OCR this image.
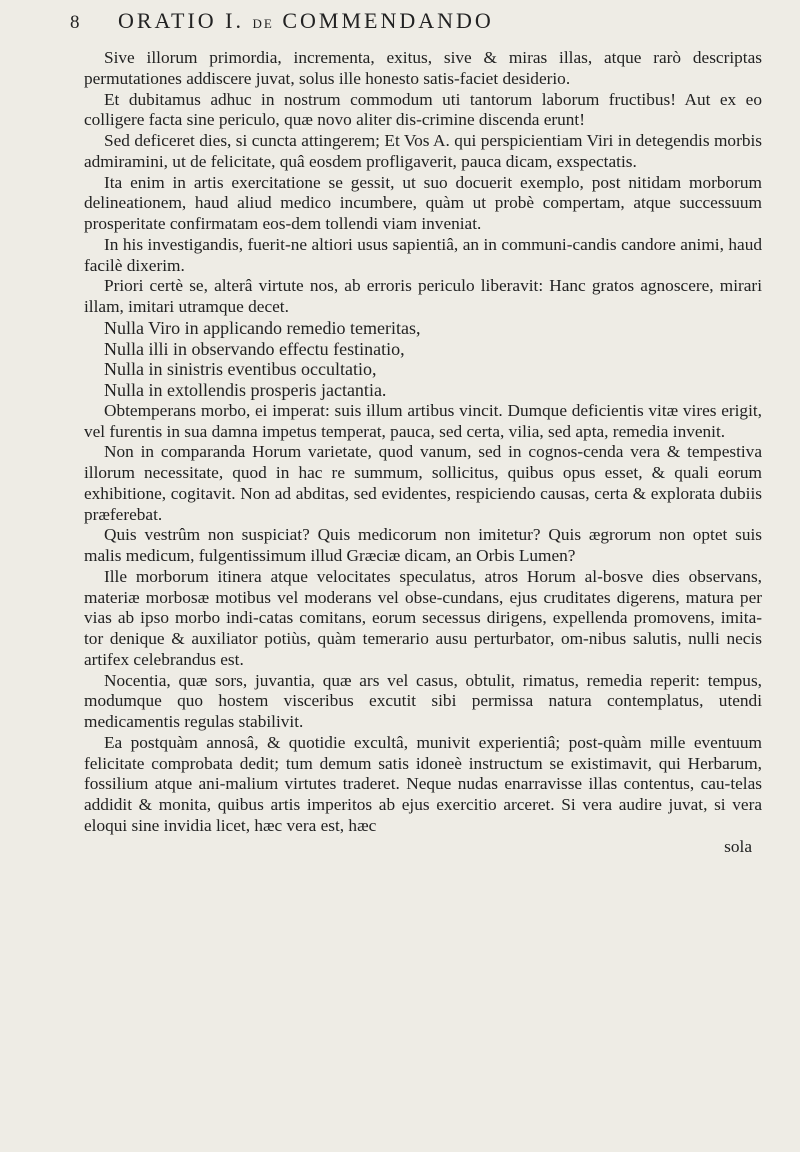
8	ORATIO I. DE COMMENDANDO

Sive illorum primordia, incrementa, exitus, sive & miras illas, atque rarò descriptas permutationes addiscere juvat, solus ille honesto satis-faciet desiderio.

Et dubitamus adhuc in nostrum commodum uti tantorum laborum fructibus! Aut ex eo colligere facta sine periculo, quæ novo aliter dis-crimine discenda erunt!

Sed deficeret dies, si cuncta attingerem; Et Vos A. qui perspicientiam Viri in detegendis morbis admiramini, ut de felicitate, quâ eosdem profligaverit, pauca dicam, exspectatis.

Ita enim in artis exercitatione se gessit, ut suo docuerit exemplo, post nitidam morborum delineationem, haud aliud medico incumbere, quàm ut probè compertam, atque successuum prosperitate confirmatam eos-dem tollendi viam inveniat.

In his investigandis, fuerit-ne altiori usus sapientiâ, an in communi-candis candore animi, haud facilè dixerim.

Priori certè se, alterâ virtute nos, ab erroris periculo liberavit: Hanc gratos agnoscere, mirari illam, imitari utramque decet.

Nulla Viro in applicando remedio temeritas,

Nulla illi in observando effectu festinatio,

Nulla in sinistris eventibus occultatio,

Nulla in extollendis prosperis jactantia.

Obtemperans morbo, ei imperat: suis illum artibus vincit. Dumque deficientis vitæ vires erigit, vel furentis in sua damna impetus temperat, pauca, sed certa, vilia, sed apta, remedia invenit.

Non in comparanda Horum varietate, quod vanum, sed in cognos-cenda vera & tempestiva illorum necessitate, quod in hac re summum, sollicitus, quibus opus esset, & quali eorum exhibitione, cogitavit. Non ad abditas, sed evidentes, respiciendo causas, certa & explorata dubiis præferebat.

Quis vestrûm non suspiciat? Quis medicorum non imitetur? Quis ægrorum non optet suis malis medicum, fulgentissimum illud Græciæ dicam, an Orbis Lumen?

Ille morborum itinera atque velocitates speculatus, atros Horum al-bosve dies observans, materiæ morbosæ motibus vel moderans vel obse-cundans, ejus cruditates digerens, matura per vias ab ipso morbo indi-catas comitans, eorum secessus dirigens, expellenda promovens, imita-tor denique & auxiliator potiùs, quàm temerario ausu perturbator, om-nibus salutis, nulli necis artifex celebrandus est.

Nocentia, quæ sors, juvantia, quæ ars vel casus, obtulit, rimatus, remedia reperit: tempus, modumque quo hostem visceribus excutit sibi permissa natura contemplatus, utendi medicamentis regulas stabilivit.

Ea postquàm annosâ, & quotidie excultâ, munivit experientiâ; post-quàm mille eventuum felicitate comprobata dedit; tum demum satis idoneè instructum se existimavit, qui Herbarum, fossilium atque ani-malium virtutes traderet. Neque nudas enarravisse illas contentus, cau-telas addidit & monita, quibus artis imperitos ab ejus exercitio arceret. Si vera audire juvat, si vera eloqui sine invidia licet, hæc vera est, hæc

sola
